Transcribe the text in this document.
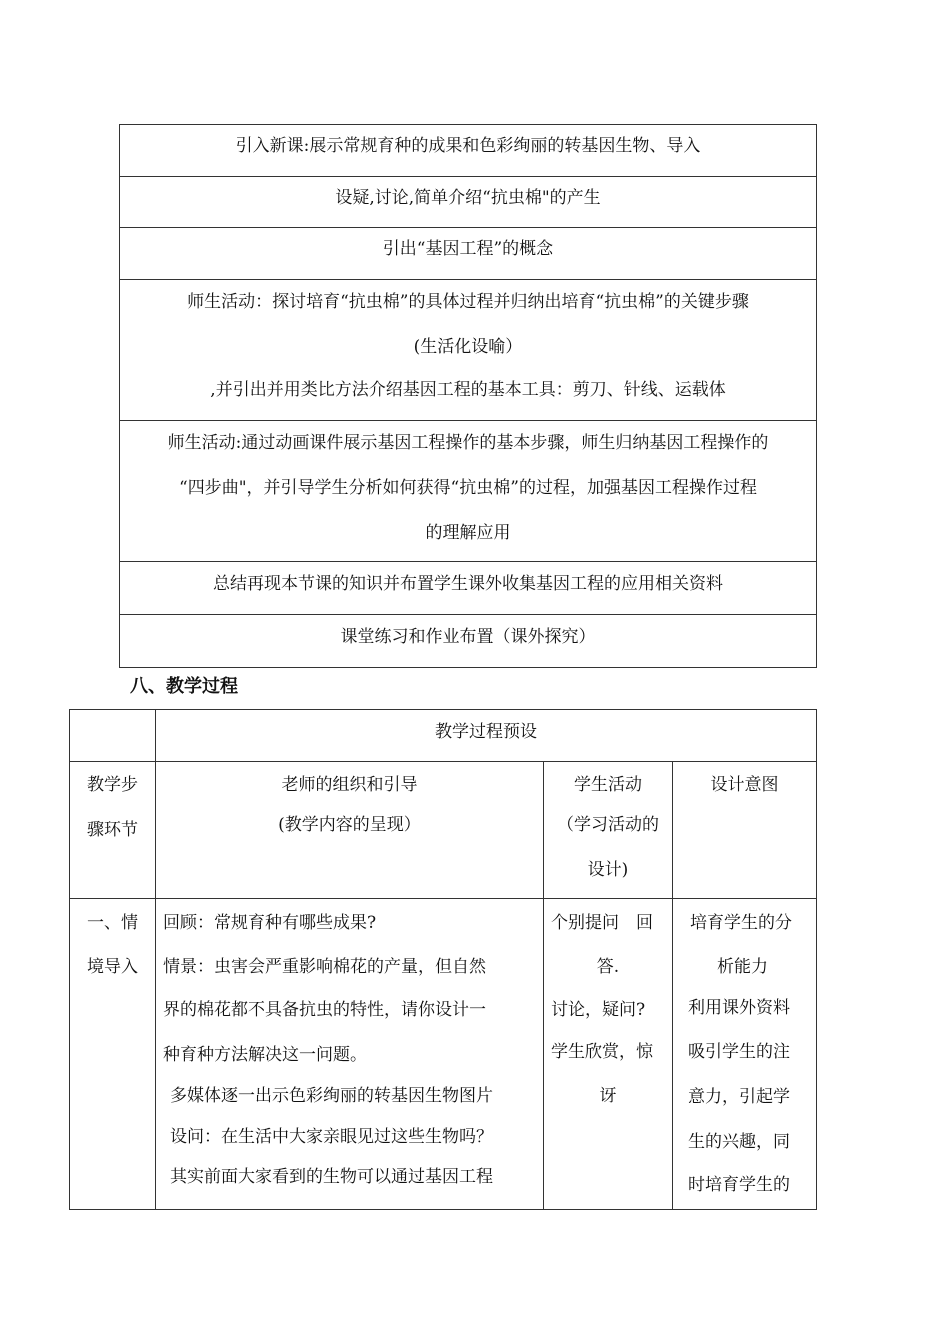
引入新课:展示常规育种的成果和色彩绚丽的转基因生物、导入
设疑,讨论,简单介绍“抗虫棉"的产生
引出“基因工程”的概念
师生活动：探讨培育“抗虫棉”的具体过程并归纳出培育“抗虫棉”的关键步骤
(生活化设喻）
,并引出并用类比方法介绍基因工程的基本工具：剪刀、针线、运载体
师生活动:通过动画课件展示基因工程操作的基本步骤，师生归纳基因工程操作的
“四步曲"，并引导学生分析如何获得“抗虫棉”的过程，加强基因工程操作过程
的理解应用
总结再现本节课的知识并布置学生课外收集基因工程的应用相关资料
课堂练习和作业布置（课外探究）
八、教学过程
教学过程预设
教学步
骤环节
老师的组织和引导
(教学内容的呈现）
学生活动
（学习活动的
设计)
设计意图
一、情
境导入
回顾：常规育种有哪些成果?
情景：虫害会严重影响棉花的产量，但自然
界的棉花都不具备抗虫的特性，请你设计一
种育种方法解决这一问题。
多媒体逐一出示色彩绚丽的转基因生物图片
设问：在生活中大家亲眼见过这些生物吗？
其实前面大家看到的生物可以通过基因工程
个别提问　回
答.
讨论，疑问?
学生欣赏，惊
讶
培育学生的分
析能力
利用课外资料
吸引学生的注
意力，引起学
生的兴趣，同
时培育学生的
